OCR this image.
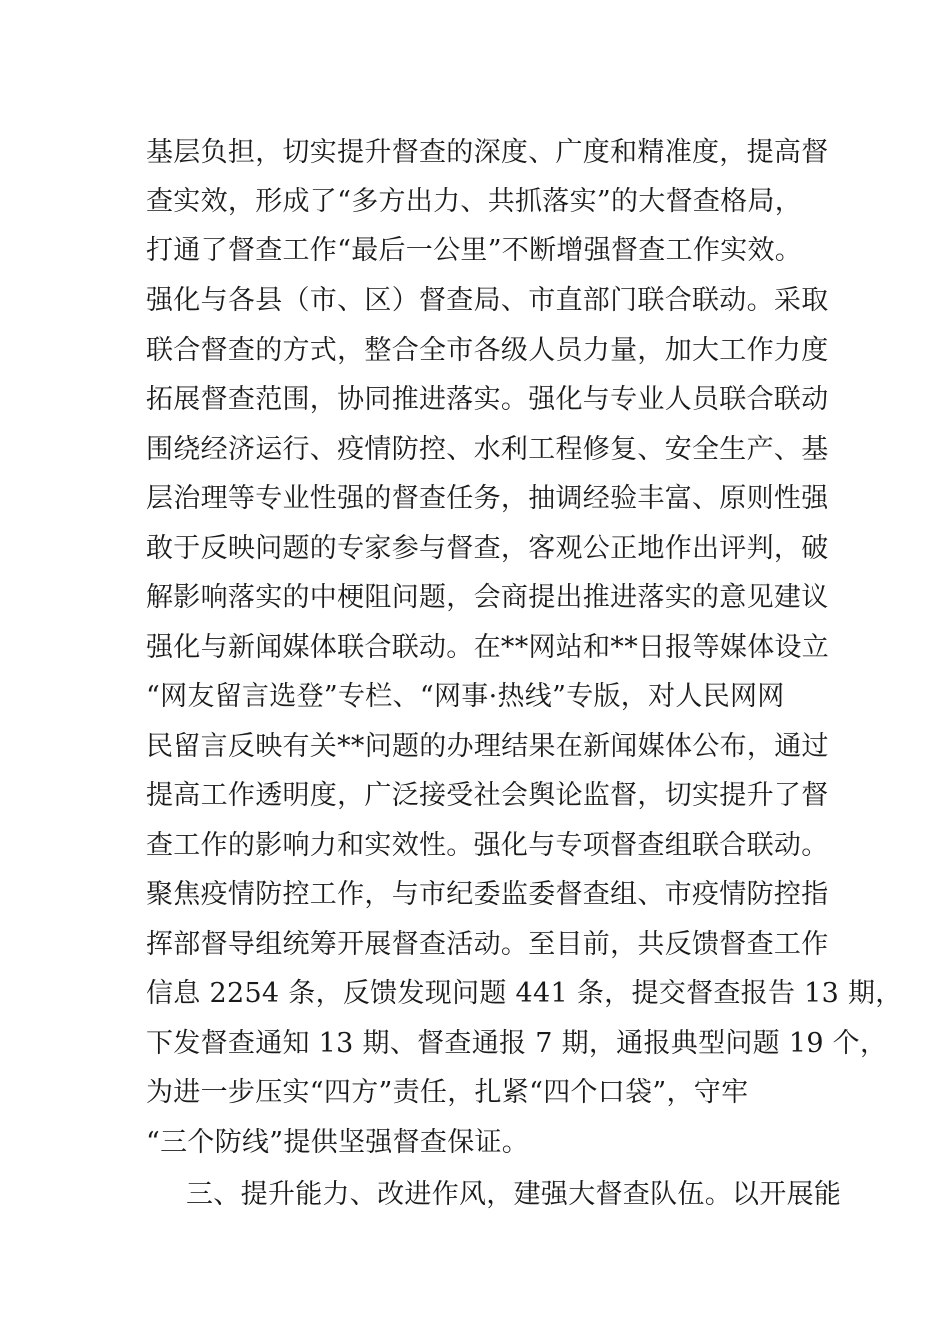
基层负担，切实提升督查的深度、广度和精准度，提高督
查实效，形成了“多方出力、共抓落实”的大督查格局，
打通了督查工作“最后一公里”不断增强督查工作实效。
强化与各县（市、区）督查局、市直部门联合联动。采取
联合督查的方式，整合全市各级人员力量，加大工作力度
拓展督查范围，协同推进落实。强化与专业人员联合联动
围绕经济运行、疫情防控、水利工程修复、安全生产、基
层治理等专业性强的督查任务，抽调经验丰富、原则性强
敢于反映问题的专家参与督查，客观公正地作出评判，破
解影响落实的中梗阻问题，会商提出推进落实的意见建议
强化与新闻媒体联合联动。在**网站和**日报等媒体设立
“网友留言选登”专栏、“网事·热线”专版，对人民网网
民留言反映有关**问题的办理结果在新闻媒体公布，通过
提高工作透明度，广泛接受社会舆论监督，切实提升了督
查工作的影响力和实效性。强化与专项督查组联合联动。
聚焦疫情防控工作，与市纪委监委督查组、市疫情防控指
挥部督导组统筹开展督查活动。至目前，共反馈督查工作
信息 2254 条，反馈发现问题 441 条，提交督查报告 13 期，
下发督查通知 13 期、督查通报 7 期，通报典型问题 19 个，
为进一步压实“四方”责任，扎紧“四个口袋”，守牢
“三个防线”提供坚强督查保证。
三、提升能力、改进作风，建强大督查队伍。以开展能
